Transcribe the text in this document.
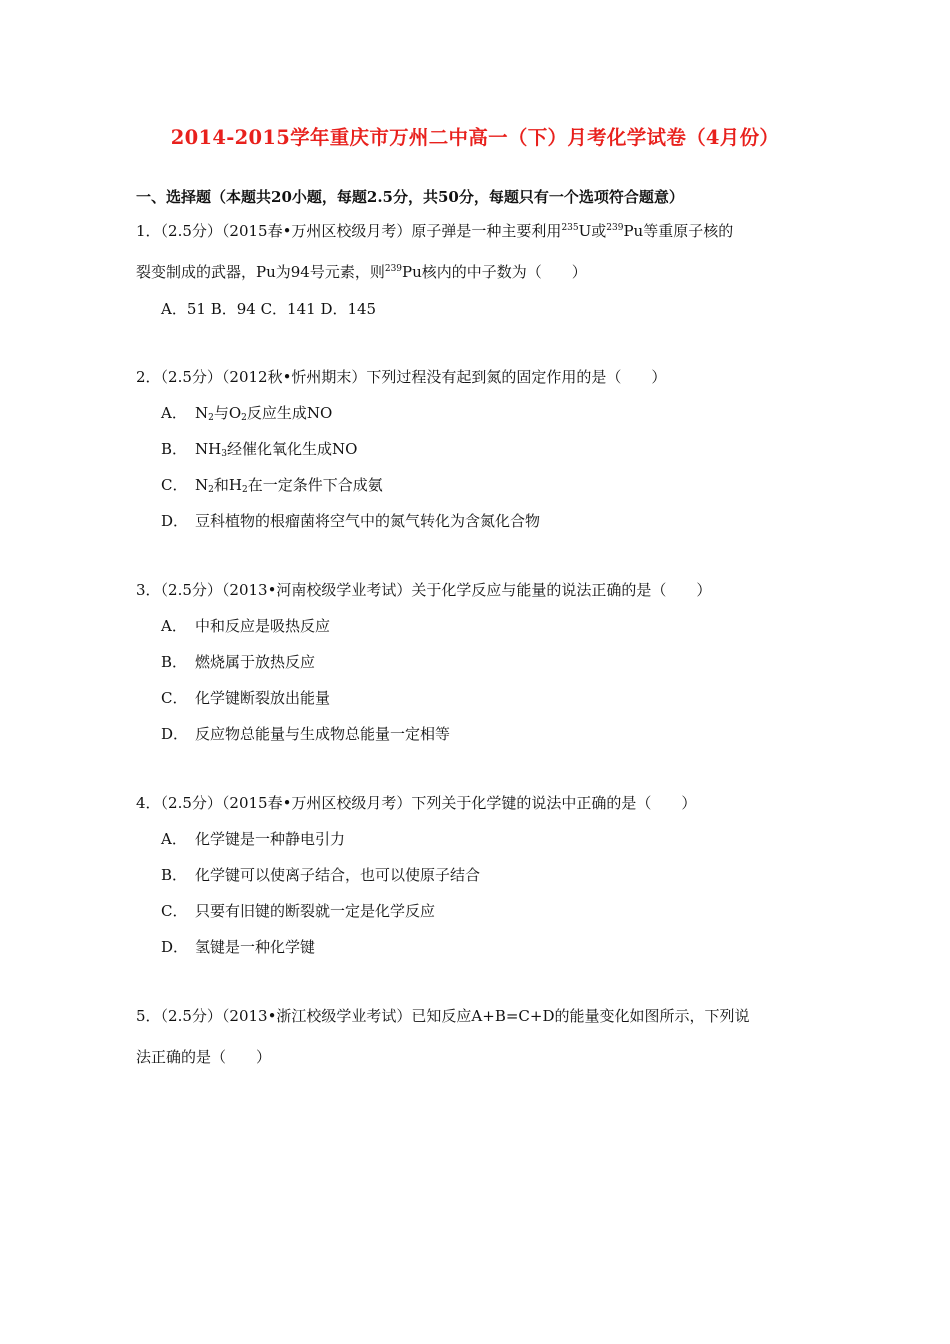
2014-2015学年重庆市万州二中高一（下）月考化学试卷（4月份）
一、选择题（本题共20小题，每题2.5分，共50分，每题只有一个选项符合题意）
1．（2.5分）（2015春•万州区校级月考）原子弹是一种主要利用$^{235}$U或$^{239}$Pu等重原子核的
裂变制成的武器，Pu为94号元素，则$^{239}$Pu核内的中子数为（　　）
A．51 B．94 C．141 D．145
2．（2.5分）（2012秋•忻州期末）下列过程没有起到氮的固定作用的是（　　）
A． $N_2$与$O_2$反应生成NO
B． $NH_3$经催化氧化生成NO
C． $N_2$和$H_2$在一定条件下合成氨
D． 豆科植物的根瘤菌将空气中的氮气转化为含氮化合物
3．（2.5分）（2013•河南校级学业考试）关于化学反应与能量的说法正确的是（　　）
A． 中和反应是吸热反应
B． 燃烧属于放热反应
C． 化学键断裂放出能量
D． 反应物总能量与生成物总能量一定相等
4．（2.5分）（2015春•万州区校级月考）下列关于化学键的说法中正确的是（　　）
A． 化学键是一种静电引力
B． 化学键可以使离子结合，也可以使原子结合
C． 只要有旧键的断裂就一定是化学反应
D． 氢键是一种化学键
5．（2.5分）（2013•浙江校级学业考试）已知反应A+B=C+D的能量变化如图所示，下列说
法正确的是（　　）
